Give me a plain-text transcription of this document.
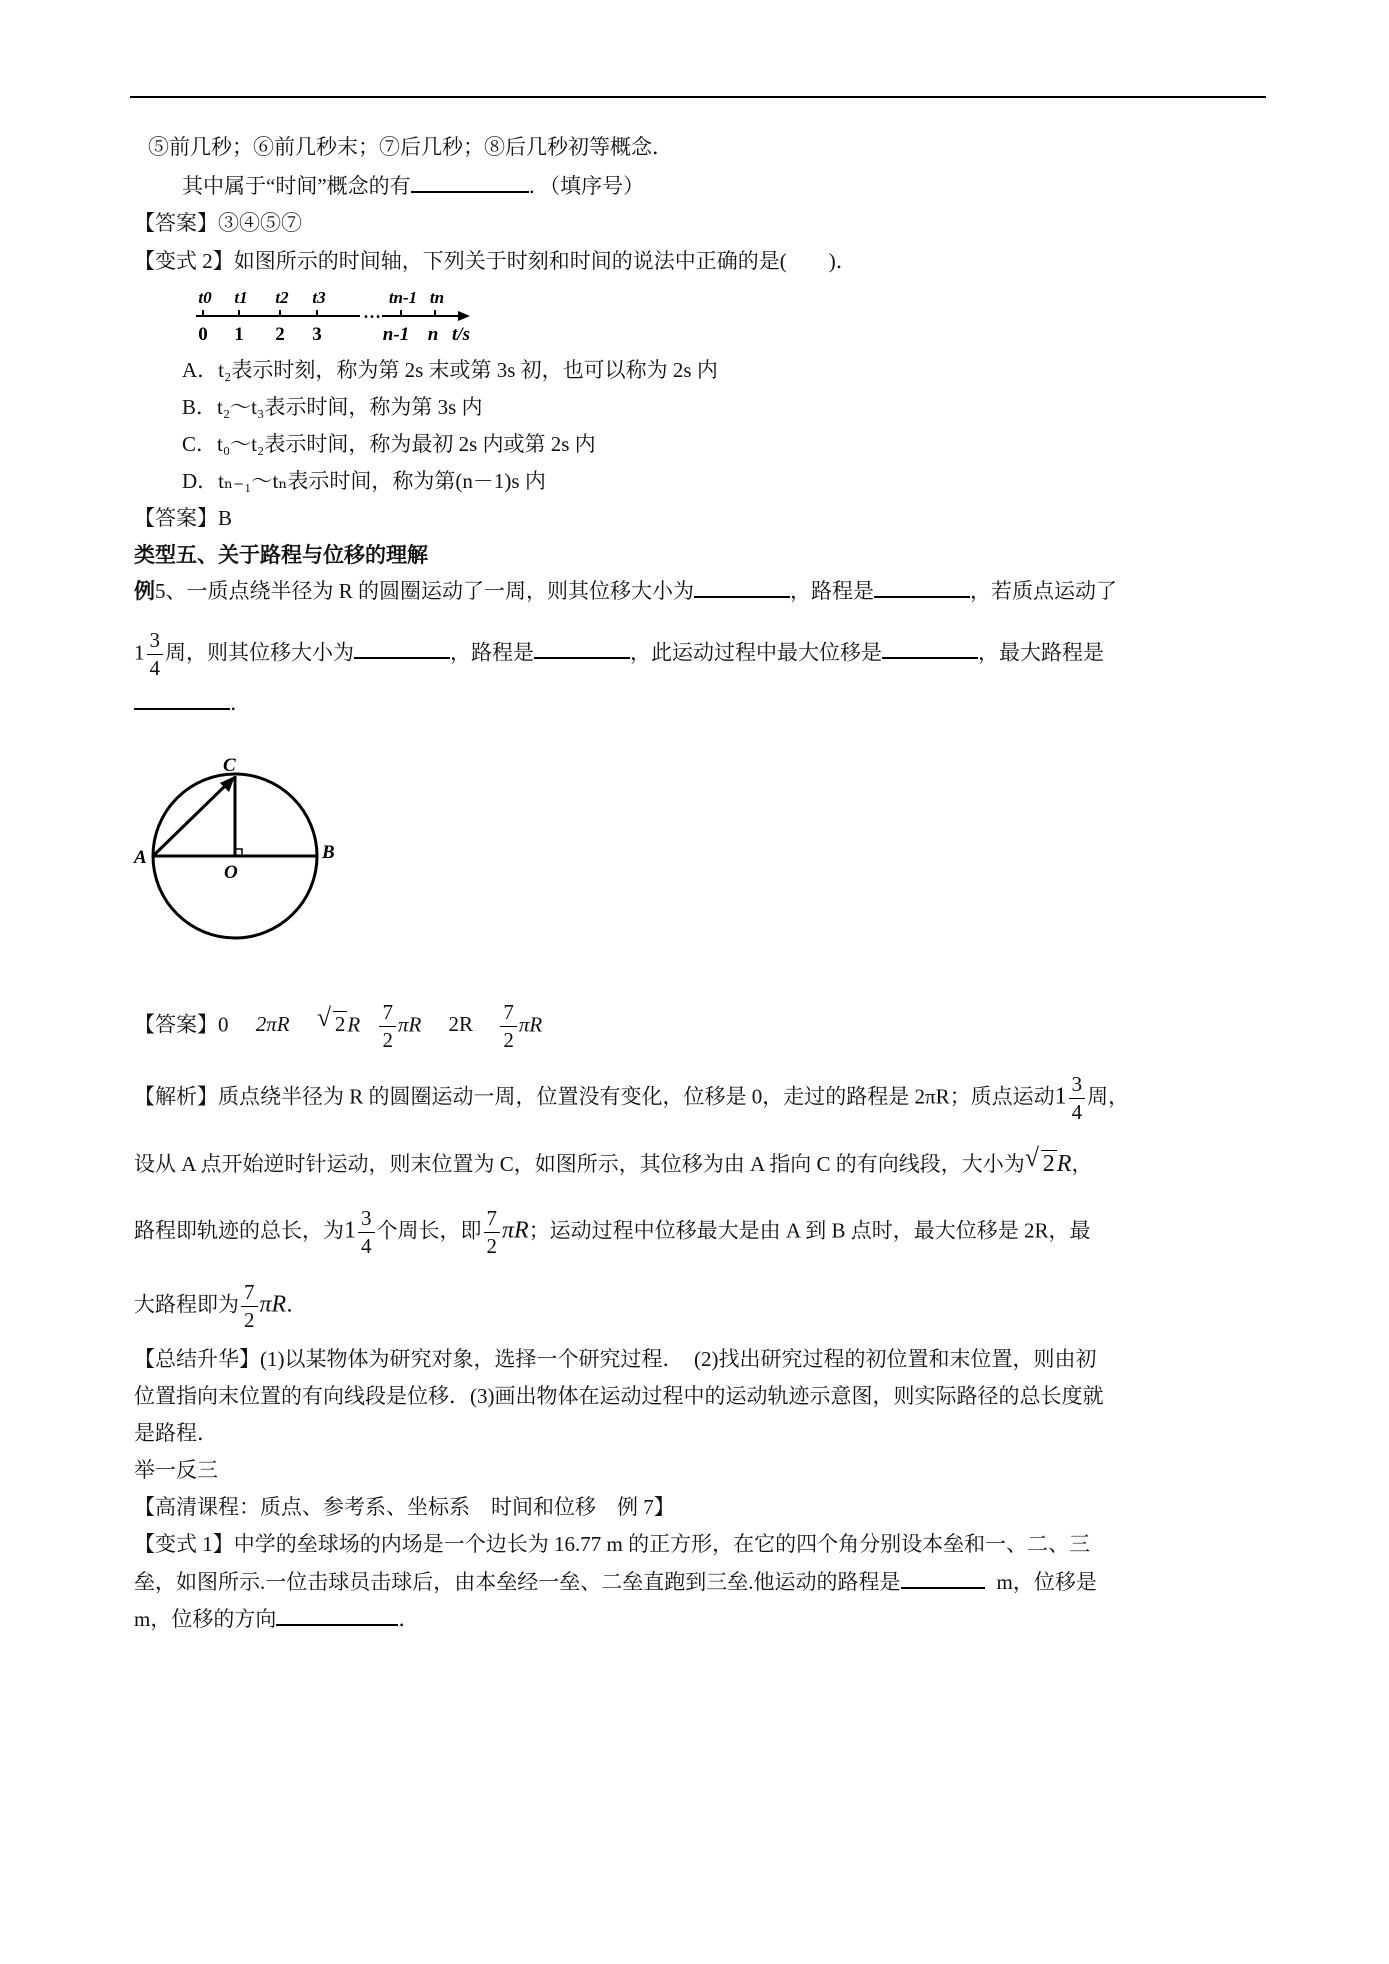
⑤前几秒；⑥前几秒末；⑦后几秒；⑧后几秒初等概念．
其中属于“时间”概念的有	．（填序号）
【答案】③④⑤⑦
【变式 2】如图所示的时间轴，下列关于时刻和时间的说法中正确的是(　　)．
…
t0 t1 t2 t3	tn-1 tn
0 1 2 3	n-1 n t/s
A．t₂表示时刻，称为第 2s 末或第 3s 初，也可以称为 2s 内
B．t₂～t₃表示时间，称为第 3s 内
C．t₀～t₂表示时间，称为最初 2s 内或第 2s 内
D．tₙ₋₁～tₙ表示时间，称为第(n－1)s 内
【答案】B
类型五、关于路程与位移的理解
例5、一质点绕半径为 R 的圆圈运动了一周，则其位移大小为	，路程是	，若质点运动了
$1 \frac{3}{4}$ 周，则其位移大小为	，路程是	，此运动过程中最大位移是	，最大路程是
．
C
A
O
B
【答案】0 2πR √ $2R \frac{7}{2}$ πR $2R \frac{7}{2}$ πR
【解析】质点绕半径为 R 的圆圈运动一周，位置没有变化，位移是 0，走过的路程是 2πR；质点运动$1 \frac{3}{4}$ 周，
设从 A 点开始逆时针运动，则末位置为 C，如图所示，其位移为由 A 指向 C 的有向线段，大小为 √ 2R，
路程即轨迹的总长，为$1 \frac{3}{4}$ 个周长，即 $\frac{7}{2}$ πR；运动过程中位移最大是由 A 到 B 点时，最大位移是 2R，最
大路程即为 $\frac{7}{2}$ πR．
【总结升华】(1)以某物体为研究对象，选择一个研究过程．　(2)找出研究过程的初位置和末位置，则由初
位置指向末位置的有向线段是位移．(3)画出物体在运动过程中的运动轨迹示意图，则实际路径的总长度就
是路程．
举一反三
【高清课程：质点、参考系、坐标系　时间和位移　例 7】
【变式 1】中学的垒球场的内场是一个边长为 16.77 m 的正方形，在它的四个角分别设本垒和一、二、三
垒，如图所示.一位击球员击球后，由本垒经一垒、二垒直跑到三垒.他运动的路程是	m，位移是
m，位移的方向	．
